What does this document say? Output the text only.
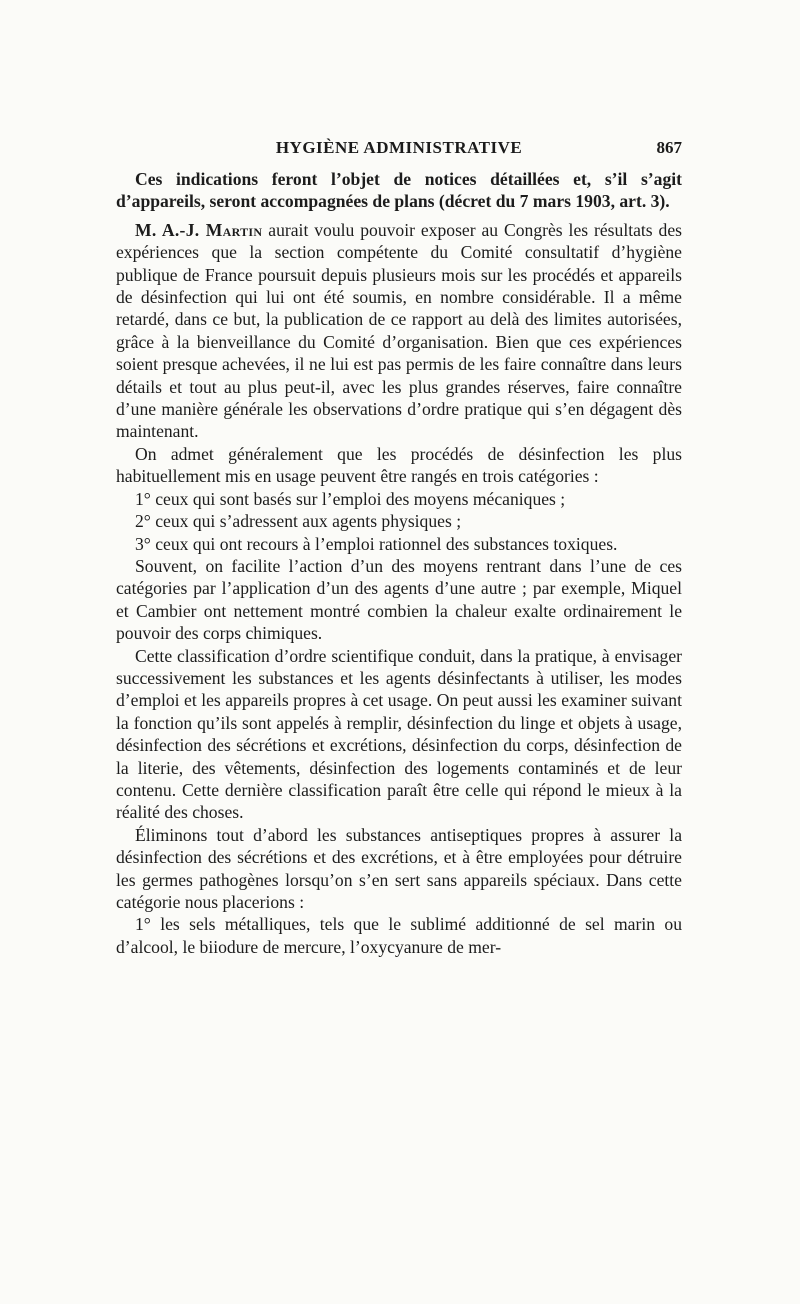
HYGIÈNE ADMINISTRATIVE	867

Ces indications feront l’objet de notices détaillées et, s’il s’agit d’appareils, seront accompagnées de plans (décret du 7 mars 1903, art. 3).

M. A.-J. Martin aurait voulu pouvoir exposer au Congrès les résultats des expériences que la section compétente du Comité consultatif d’hygiène publique de France poursuit depuis plusieurs mois sur les procédés et appareils de désinfection qui lui ont été soumis, en nombre considérable. Il a même retardé, dans ce but, la publication de ce rapport au delà des limites autorisées, grâce à la bienveillance du Comité d’organisation. Bien que ces expériences soient presque achevées, il ne lui est pas permis de les faire connaître dans leurs détails et tout au plus peut-il, avec les plus grandes réserves, faire connaître d’une manière générale les observations d’ordre pratique qui s’en dégagent dès maintenant.

On admet généralement que les procédés de désinfection les plus habituellement mis en usage peuvent être rangés en trois catégories :

1° ceux qui sont basés sur l’emploi des moyens mécaniques ;

2° ceux qui s’adressent aux agents physiques ;

3° ceux qui ont recours à l’emploi rationnel des substances toxiques.

Souvent, on facilite l’action d’un des moyens rentrant dans l’une de ces catégories par l’application d’un des agents d’une autre ; par exemple, Miquel et Cambier ont nettement montré combien la chaleur exalte ordinairement le pouvoir des corps chimiques.

Cette classification d’ordre scientifique conduit, dans la pratique, à envisager successivement les substances et les agents désinfectants à utiliser, les modes d’emploi et les appareils propres à cet usage. On peut aussi les examiner suivant la fonction qu’ils sont appelés à remplir, désinfection du linge et objets à usage, désinfection des sécrétions et excrétions, désinfection du corps, désinfection de la literie, des vêtements, désinfection des logements contaminés et de leur contenu. Cette dernière classification paraît être celle qui répond le mieux à la réalité des choses.

Éliminons tout d’abord les substances antiseptiques propres à assurer la désinfection des sécrétions et des excrétions, et à être employées pour détruire les germes pathogènes lorsqu’on s’en sert sans appareils spéciaux. Dans cette catégorie nous placerions :

1° les sels métalliques, tels que le sublimé additionné de sel marin ou d’alcool, le biiodure de mercure, l’oxycyanure de mer-
